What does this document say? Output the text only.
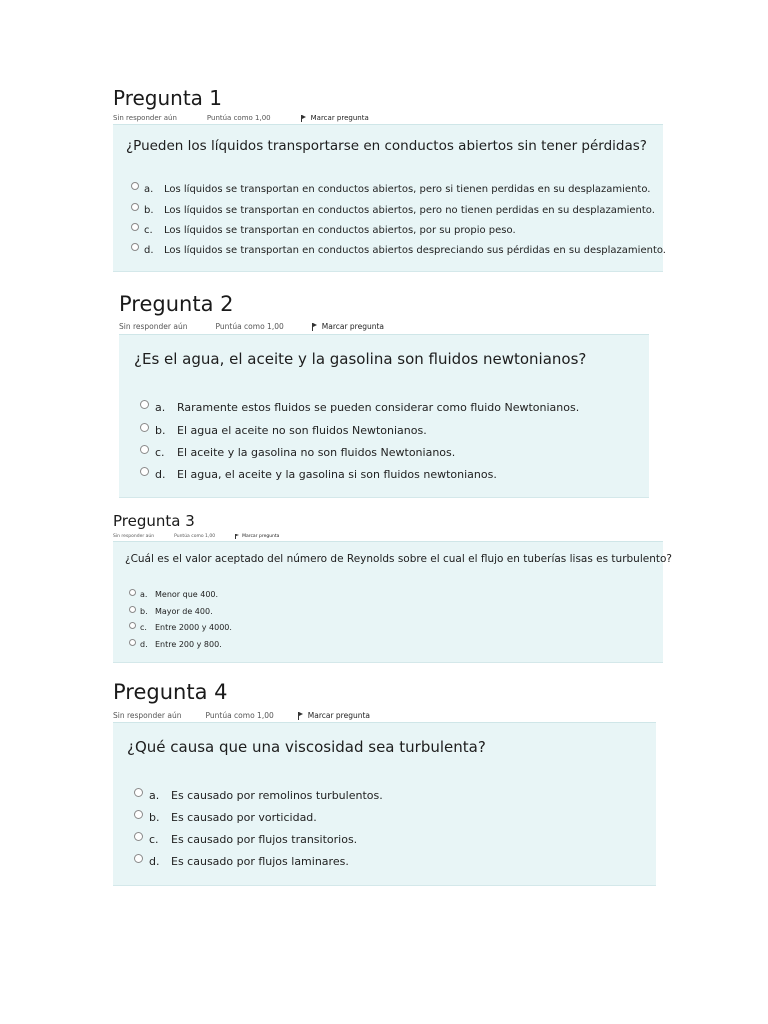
Pregunta 1
Sin responder aún	Puntúa como 1,00	Marcar pregunta
¿Pueden los líquidos transportarse en conductos abiertos sin tener pérdidas?
a.	Los líquidos se transportan en conductos abiertos, pero si tienen perdidas en su desplazamiento.
b.	Los líquidos se transportan en conductos abiertos, pero no tienen perdidas en su desplazamiento.
c.	Los líquidos se transportan en conductos abiertos, por su propio peso.
d.	Los líquidos se transportan en conductos abiertos despreciando sus pérdidas en su desplazamiento.
Pregunta 2
Sin responder aún	Puntúa como 1,00	Marcar pregunta
¿Es el agua, el aceite y la gasolina son fluidos newtonianos?
a.	Raramente estos fluidos se pueden considerar como fluido Newtonianos.
b.	El agua el aceite no son fluidos Newtonianos.
c.	El aceite y la gasolina no son fluidos Newtonianos.
d.	El agua, el aceite y la gasolina si son fluidos newtonianos.
Pregunta 3
Sin responder aún	Puntúa como 1,00	Marcar pregunta
¿Cuál es el valor aceptado del número de Reynolds sobre el cual el flujo en tuberías lisas es turbulento?
a. Menor que 400.
b. Mayor de 400.
c.	Entre 2000 y 4000.
d. Entre 200 y 800.
Pregunta 4
Sin responder aún	Puntúa como 1,00	Marcar pregunta
¿Qué causa que una viscosidad sea turbulenta?
a.	Es causado por remolinos turbulentos.
b.	Es causado por vorticidad.
c.	Es causado por flujos transitorios.
d.	Es causado por flujos laminares.
